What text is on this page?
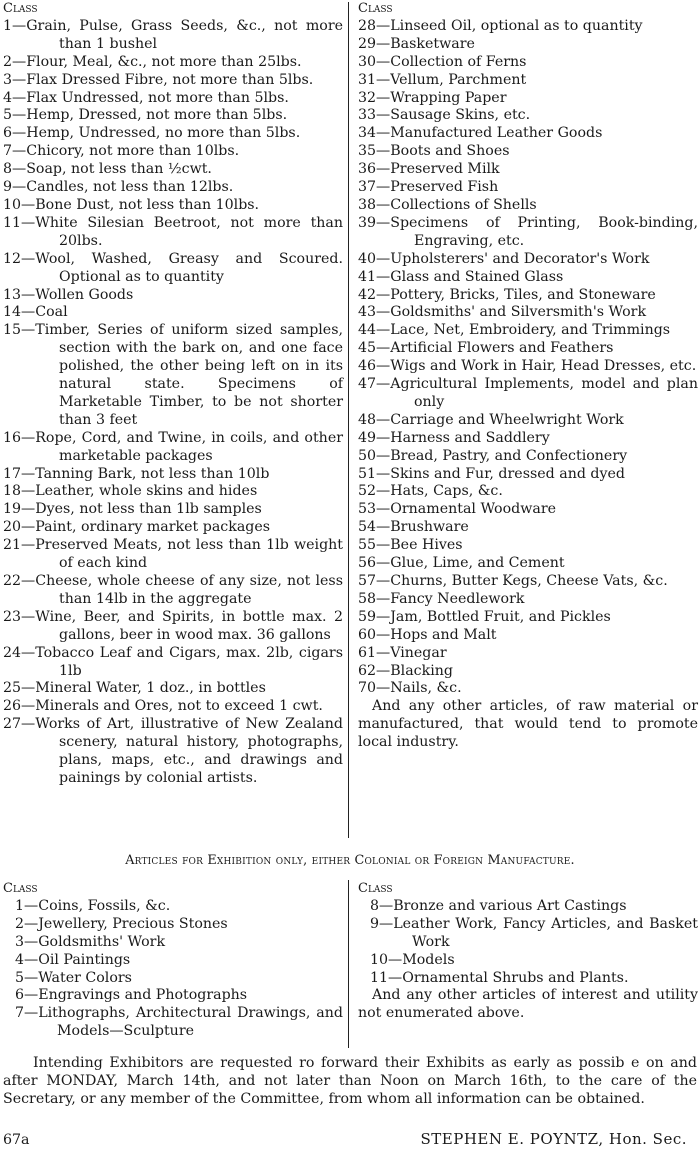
Class
1—Grain, Pulse, Grass Seeds, &c., not more than 1 bushel
2—Flour, Meal, &c., not more than 25lbs.
3—Flax Dressed Fibre, not more than 5lbs.
4—Flax Undressed, not more than 5lbs.
5—Hemp, Dressed, not more than 5lbs.
6—Hemp, Undressed, no more than 5lbs.
7—Chicory, not more than 10lbs.
8—Soap, not less than ½cwt.
9—Candles, not less than 12lbs.
10—Bone Dust, not less than 10lbs.
11—White Silesian Beetroot, not more than 20lbs.
12—Wool, Washed, Greasy and Scoured. Optional as to quantity
13—Wollen Goods
14—Coal
15—Timber, Series of uniform sized samples, section with the bark on, and one face polished, the other being left on in its natural state. Specimens of Marketable Timber, to be not shorter than 3 feet
16—Rope, Cord, and Twine, in coils, and other marketable packages
17—Tanning Bark, not less than 10lb
18—Leather, whole skins and hides
19—Dyes, not less than 1lb samples
20—Paint, ordinary market packages
21—Preserved Meats, not less than 1lb weight of each kind
22—Cheese, whole cheese of any size, not less than 14lb in the aggregate
23—Wine, Beer, and Spirits, in bottle max. 2 gallons, beer in wood max. 36 gallons
24—Tobacco Leaf and Cigars, max. 2lb, cigars 1lb
25—Mineral Water, 1 doz., in bottles
26—Minerals and Ores, not to exceed 1 cwt.
27—Works of Art, illustrative of New Zealand scenery, natural history, photographs, plans, maps, etc., and drawings and painings by colonial artists.
Class
28—Linseed Oil, optional as to quantity
29—Basketware
30—Collection of Ferns
31—Vellum, Parchment
32—Wrapping Paper
33—Sausage Skins, etc.
34—Manufactured Leather Goods
35—Boots and Shoes
36—Preserved Milk
37—Preserved Fish
38—Collections of Shells
39—Specimens of Printing, Book-binding, Engraving, etc.
40—Upholsterers' and Decorator's Work
41—Glass and Stained Glass
42—Pottery, Bricks, Tiles, and Stoneware
43—Goldsmiths' and Silversmith's Work
44—Lace, Net, Embroidery, and Trimmings
45—Artificial Flowers and Feathers
46—Wigs and Work in Hair, Head Dresses, etc.
47—Agricultural Implements, model and plan only
48—Carriage and Wheelwright Work
49—Harness and Saddlery
50—Bread, Pastry, and Confectionery
51—Skins and Fur, dressed and dyed
52—Hats, Caps, &c.
53—Ornamental Woodware
54—Brushware
55—Bee Hives
56—Glue, Lime, and Cement
57—Churns, Butter Kegs, Cheese Vats, &c.
58—Fancy Needlework
59—Jam, Bottled Fruit, and Pickles
60—Hops and Malt
61—Vinegar
62—Blacking
70—Nails, &c.
And any other articles, of raw material or manufactured, that would tend to promote local industry.
Articles for Exhibition only, either Colonial or Foreign Manufacture.
Class
1—Coins, Fossils, &c.
2—Jewellery, Precious Stones
3—Goldsmiths' Work
4—Oil Paintings
5—Water Colors
6—Engravings and Photographs
7—Lithographs, Architectural Drawings, and Models—Sculpture
Class
8—Bronze and various Art Castings
9—Leather Work, Fancy Articles, and Basket Work
10—Models
11—Ornamental Shrubs and Plants.
And any other articles of interest and utility not enumerated above.
Intending Exhibitors are requested ro forward their Exhibits as early as possib e on and after MONDAY, March 14th, and not later than Noon on March 16th, to the care of the Secretary, or any member of the Committee, from whom all information can be obtained.
67a	STEPHEN E. POYNTZ, Hon. Sec.
